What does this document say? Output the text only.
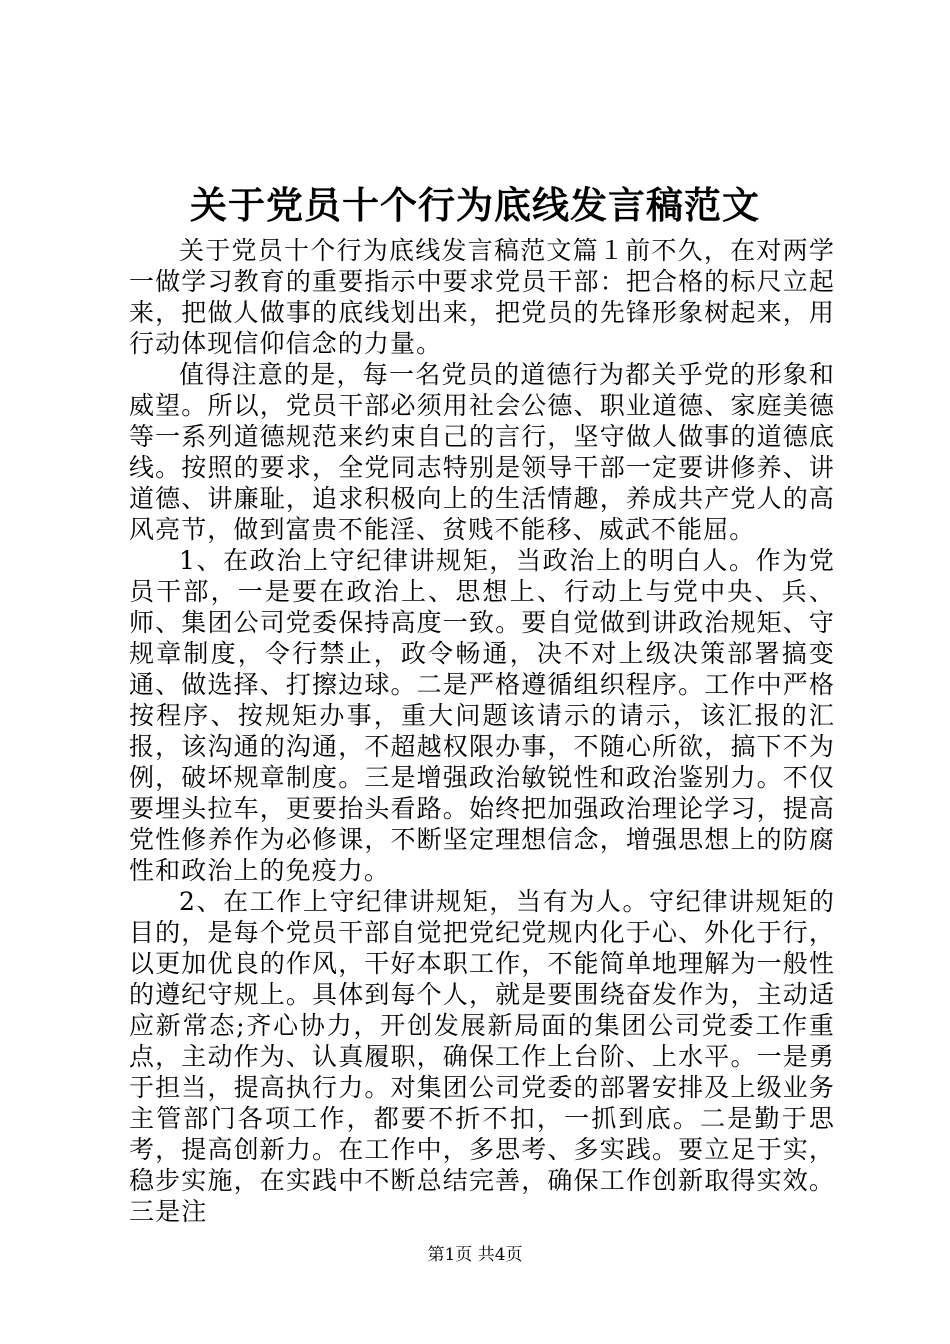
关于党员十个行为底线发言稿范文

关于党员十个行为底线发言稿范文篇１前不久，在对两学一做学习教育的重要指示中要求党员干部：把合格的标尺立起来，把做人做事的底线划出来，把党员的先锋形象树起来，用行动体现信仰信念的力量。

值得注意的是，每一名党员的道德行为都关乎党的形象和威望。所以，党员干部必须用社会公德、职业道德、家庭美德等一系列道德规范来约束自己的言行，坚守做人做事的道德底线。按照的要求，全党同志特别是领导干部一定要讲修养、讲道德、讲廉耻，追求积极向上的生活情趣，养成共产党人的高风亮节，做到富贵不能淫、贫贱不能移、威武不能屈。

1、在政治上守纪律讲规矩，当政治上的明白人。作为党员干部，一是要在政治上、思想上、行动上与党中央、兵、师、集团公司党委保持高度一致。要自觉做到讲政治规矩、守规章制度，令行禁止，政令畅通，决不对上级决策部署搞变通、做选择、打擦边球。二是严格遵循组织程序。工作中严格按程序、按规矩办事，重大问题该请示的请示，该汇报的汇报，该沟通的沟通，不超越权限办事，不随心所欲，搞下不为例，破坏规章制度。三是增强政治敏锐性和政治鉴别力。不仅要埋头拉车，更要抬头看路。始终把加强政治理论学习，提高党性修养作为必修课，不断坚定理想信念，增强思想上的防腐性和政治上的免疫力。

2、在工作上守纪律讲规矩，当有为人。守纪律讲规矩的目的，是每个党员干部自觉把党纪党规内化于心、外化于行，以更加优良的作风，干好本职工作，不能简单地理解为一般性的遵纪守规上。具体到每个人，就是要围绕奋发作为，主动适应新常态;齐心协力，开创发展新局面的集团公司党委工作重点，主动作为、认真履职，确保工作上台阶、上水平。一是勇于担当，提高执行力。对集团公司党委的部署安排及上级业务主管部门各项工作，都要不折不扣，一抓到底。二是勤于思考，提高创新力。在工作中，多思考、多实践。要立足于实，稳步实施，在实践中不断总结完善，确保工作创新取得实效。三是注

第1页 共4页
